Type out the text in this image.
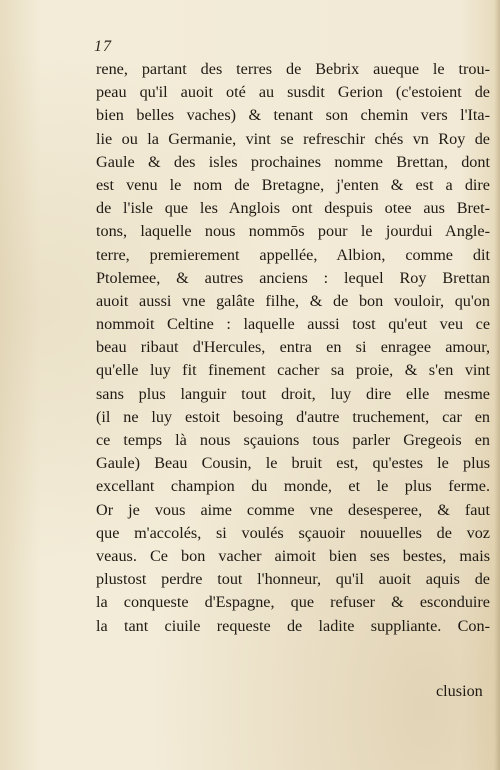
17
rene, partant des terres de Bebrix aueque le trou-
peau qu'il auoit oté au susdit Gerion (c'estoient de
bien belles vaches) & tenant son chemin vers l'Ita-
lie ou la Germanie, vint se refreschir chés vn Roy de
Gaule & des isles prochaines nomme Brettan, dont
est venu le nom de Bretagne, j'enten & est a dire
de l'isle que les Anglois ont despuis otee aus Bret-
tons, laquelle nous nommōs pour le jourdui Angle-
terre, premierement appellée, Albion, comme dit
Ptolemee, & autres anciens : lequel Roy Brettan
auoit aussi vne galâte filhe, & de bon vouloir, qu'on
nommoit Celtine : laquelle aussi tost qu'eut veu ce
beau ribaut d'Hercules, entra en si enragee amour,
qu'elle luy fit finement cacher sa proie, & s'en vint
sans plus languir tout droit, luy dire elle mesme
(il ne luy estoit besoing d'autre truchement, car en
ce temps là nous sçauions tous parler Gregeois en
Gaule) Beau Cousin, le bruit est, qu'estes le plus
excellant champion du monde, et le plus ferme.
Or je vous aime comme vne desesperee, & faut
que m'accolés, si voulés sçauoir nouuelles de voz
veaus. Ce bon vacher aimoit bien ses bestes, mais
plustost perdre tout l'honneur, qu'il auoit aquis de
la conqueste d'Espagne, que refuser & esconduire
la tant ciuile requeste de ladite suppliante. Con-
clusion
